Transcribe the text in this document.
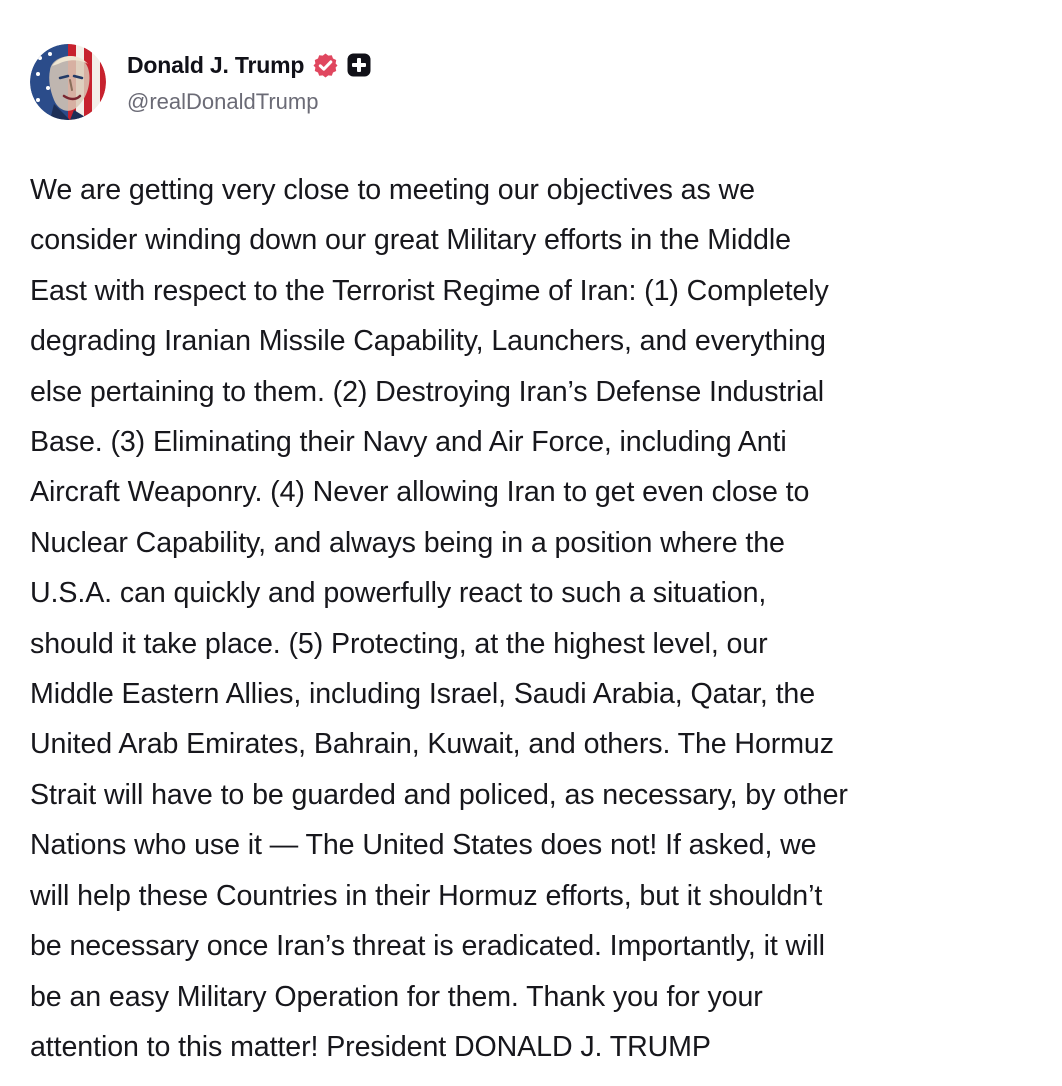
Donald J. Trump
@realDonaldTrump
We are getting very close to meeting our objectives as we
consider winding down our great Military efforts in the Middle
East with respect to the Terrorist Regime of Iran: (1) Completely
degrading Iranian Missile Capability, Launchers, and everything
else pertaining to them. (2) Destroying Iran’s Defense Industrial
Base. (3) Eliminating their Navy and Air Force, including Anti
Aircraft Weaponry. (4) Never allowing Iran to get even close to
Nuclear Capability, and always being in a position where the
U.S.A. can quickly and powerfully react to such a situation,
should it take place. (5) Protecting, at the highest level, our
Middle Eastern Allies, including Israel, Saudi Arabia, Qatar, the
United Arab Emirates, Bahrain, Kuwait, and others. The Hormuz
Strait will have to be guarded and policed, as necessary, by other
Nations who use it — The United States does not! If asked, we
will help these Countries in their Hormuz efforts, but it shouldn’t
be necessary once Iran’s threat is eradicated. Importantly, it will
be an easy Military Operation for them. Thank you for your
attention to this matter! President DONALD J. TRUMP
